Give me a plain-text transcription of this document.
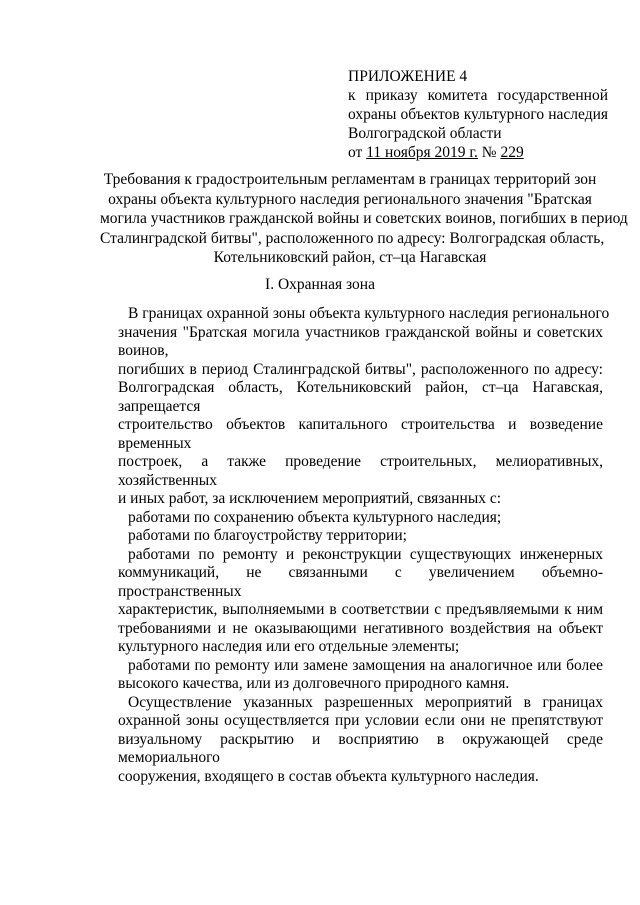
ПРИЛОЖЕНИЕ 4
к приказу комитета государственной
охраны объектов культурного наследия
Волгоградской области
от 11 ноября 2019 г. № 229
Требования к градостроительным регламентам в границах территорий зон
охраны объекта культурного наследия регионального значения "Братская
могила участников гражданской войны и советских воинов, погибших в период
Сталинградской битвы", расположенного по адресу: Волгоградская область,
Котельниковский район, ст–ца Нагавская
I. Охранная зона
В границах охранной зоны объекта культурного наследия регионального
значения "Братская могила участников гражданской войны и советских воинов,
погибших в период Сталинградской битвы", расположенного по адресу:
Волгоградская область, Котельниковский район, ст–ца Нагавская, запрещается
строительство объектов капитального строительства и возведение временных
построек, а также проведение строительных, мелиоративных, хозяйственных
и иных работ, за исключением мероприятий, связанных с:
работами по сохранению объекта культурного наследия;
работами по благоустройству территории;
работами по ремонту и реконструкции существующих инженерных
коммуникаций, не связанными с увеличением объемно-пространственных
характеристик, выполняемыми в соответствии с предъявляемыми к ним
требованиями и не оказывающими негативного воздействия на объект
культурного наследия или его отдельные элементы;
работами по ремонту или замене замощения на аналогичное или более
высокого качества, или из долговечного природного камня.
Осуществление указанных разрешенных мероприятий в границах
охранной зоны осуществляется при условии если они не препятствуют
визуальному раскрытию и восприятию в окружающей среде мемориального
сооружения, входящего в состав объекта культурного наследия.
